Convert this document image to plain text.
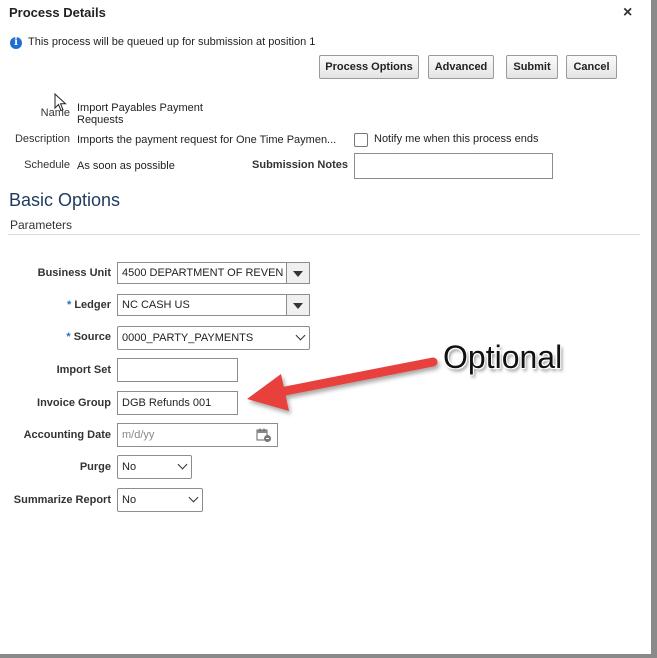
Process Details	×
i This process will be queued up for submission at position 1
Process Options	Advanced	Submit	Cancel
Name Import Payables Payment
Requests
Description Imports the payment request for One Time Paymen...	Notify me when this process ends
Schedule As soon as possible	Submission Notes
Basic Options
Parameters
Business Unit	4500 DEPARTMENT OF REVEN
* Ledger	NC CASH US
* Source	0000_PARTY_PAYMENTS
Import Set
Invoice Group	DGB Refunds 001
Accounting Date	m/d/yy
Purge	No
Summarize Report	No
Optional
